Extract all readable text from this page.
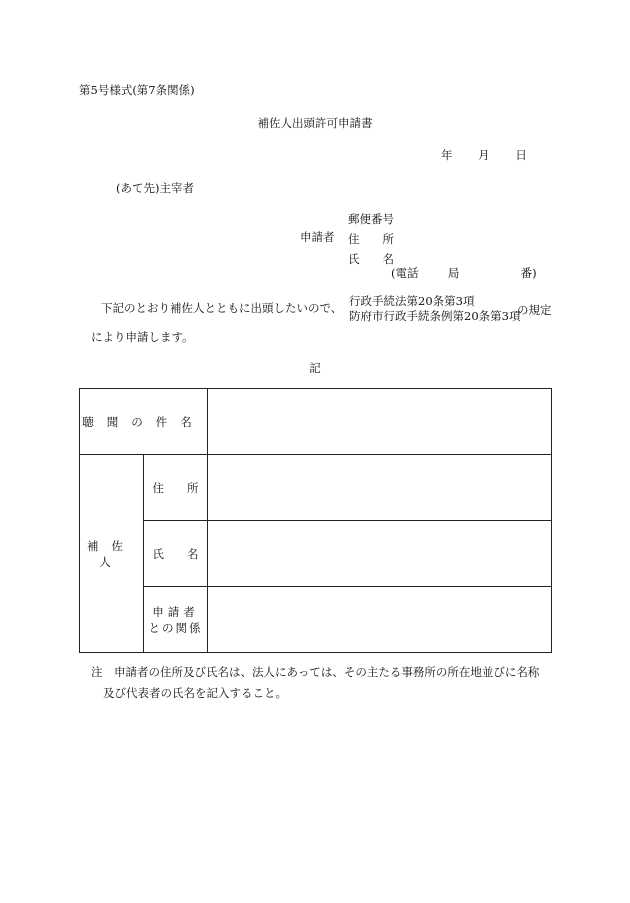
第5号様式(第7条関係)
補佐人出頭許可申請書
年 月 日
(あて先)主宰者
申請者
郵便番号
住　　所
氏　　名
(電話	局	番)
下記のとおり補佐人とともに出頭したいので、 行政手続法第20条第3項
防府市行政手続条例第20条第3項
の規定
により申請します。
記
聴聞の件名		
補佐人	住　　所	
	氏　　名	

	申請者
との関係	

注　申請者の住所及び氏名は、法人にあっては、その主たる事務所の所在地並びに名称
及び代表者の氏名を記入すること。
